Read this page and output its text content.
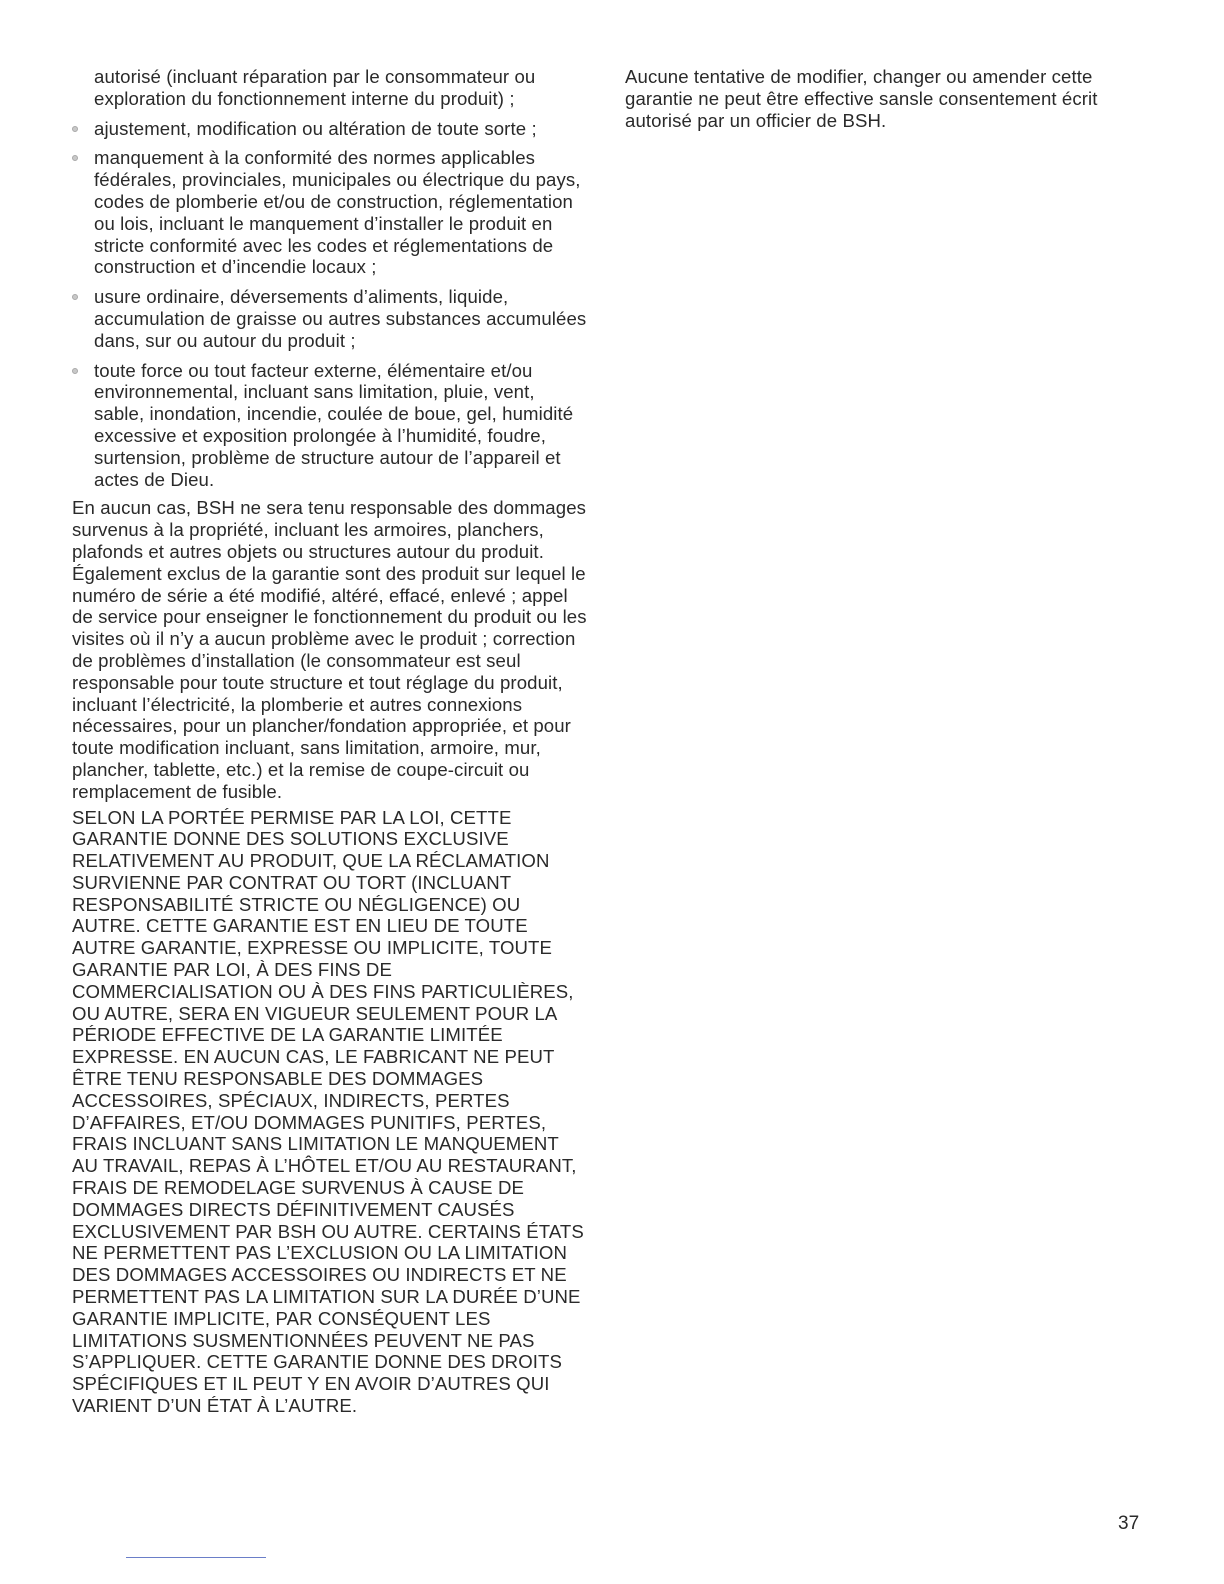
autorisé (incluant réparation par le consommateur ou exploration du fonctionnement interne du produit) ;

ajustement, modification ou altération de toute sorte ;
manquement à la conformité des normes applicables fédérales, provinciales, municipales ou électrique du pays, codes de plomberie et/ou de construction, réglementation ou lois, incluant le manquement d’installer le produit en stricte conformité avec les codes et réglementations de construction et d’incendie locaux ;
usure ordinaire, déversements d’aliments, liquide, accumulation de graisse ou autres substances accumulées dans, sur ou autour du produit ;
toute force ou tout facteur externe, élémentaire et/ou environnemental, incluant sans limitation, pluie, vent, sable, inondation, incendie, coulée de boue, gel, humidité excessive et exposition prolongée à l’humidité, foudre, surtension, problème de structure autour de l’appareil et actes de Dieu.

En aucun cas, BSH ne sera tenu responsable des dommages survenus à la propriété, incluant les armoires, planchers, plafonds et autres objets ou structures autour du produit. Également exclus de la garantie sont des produit sur lequel le numéro de série a été modifié, altéré, effacé, enlevé ; appel de service pour enseigner le fonctionnement du produit ou les visites où il n’y a aucun problème avec le produit ; correction de problèmes d’installation (le consommateur est seul responsable pour toute structure et tout réglage du produit, incluant l’électricité, la plomberie et autres connexions nécessaires, pour un plancher/fondation appropriée, et pour toute modification incluant, sans limitation, armoire, mur, plancher, tablette, etc.) et la remise de coupe-circuit ou remplacement de fusible.

SELON LA PORTÉE PERMISE PAR LA LOI, CETTE GARANTIE DONNE DES SOLUTIONS EXCLUSIVE RELATIVEMENT AU PRODUIT, QUE LA RÉCLAMATION SURVIENNE PAR CONTRAT OU TORT (INCLUANT RESPONSABILITÉ STRICTE OU NÉGLIGENCE) OU AUTRE. CETTE GARANTIE EST EN LIEU DE TOUTE AUTRE GARANTIE, EXPRESSE OU IMPLICITE, TOUTE GARANTIE PAR LOI, À DES FINS DE COMMERCIALISATION OU À DES FINS PARTICULIÈRES, OU AUTRE, SERA EN VIGUEUR SEULEMENT POUR LA PÉRIODE EFFECTIVE DE LA GARANTIE LIMITÉE EXPRESSE. EN AUCUN CAS, LE FABRICANT NE PEUT ÊTRE TENU RESPONSABLE DES DOMMAGES ACCESSOIRES, SPÉCIAUX, INDIRECTS, PERTES D’AFFAIRES, ET/OU DOMMAGES PUNITIFS, PERTES, FRAIS INCLUANT SANS LIMITATION LE MANQUEMENT AU TRAVAIL, REPAS À L’HÔTEL ET/OU AU RESTAURANT, FRAIS DE REMODELAGE SURVENUS À CAUSE DE DOMMAGES DIRECTS DÉFINITIVEMENT CAUSÉS EXCLUSIVEMENT PAR BSH OU AUTRE. CERTAINS ÉTATS NE PERMETTENT PAS L’EXCLUSION OU LA LIMITATION DES DOMMAGES ACCESSOIRES OU INDIRECTS ET NE PERMETTENT PAS LA LIMITATION SUR LA DURÉE D’UNE GARANTIE IMPLICITE, PAR CONSÉQUENT LES LIMITATIONS SUSMENTIONNÉES PEUVENT NE PAS S’APPLIQUER. CETTE GARANTIE DONNE DES DROITS SPÉCIFIQUES ET IL PEUT Y EN AVOIR D’AUTRES QUI VARIENT D’UN ÉTAT À L’AUTRE.

Aucune tentative de modifier, changer ou amender cette garantie ne peut être effective sansle consentement écrit autorisé par un officier de BSH.

37
